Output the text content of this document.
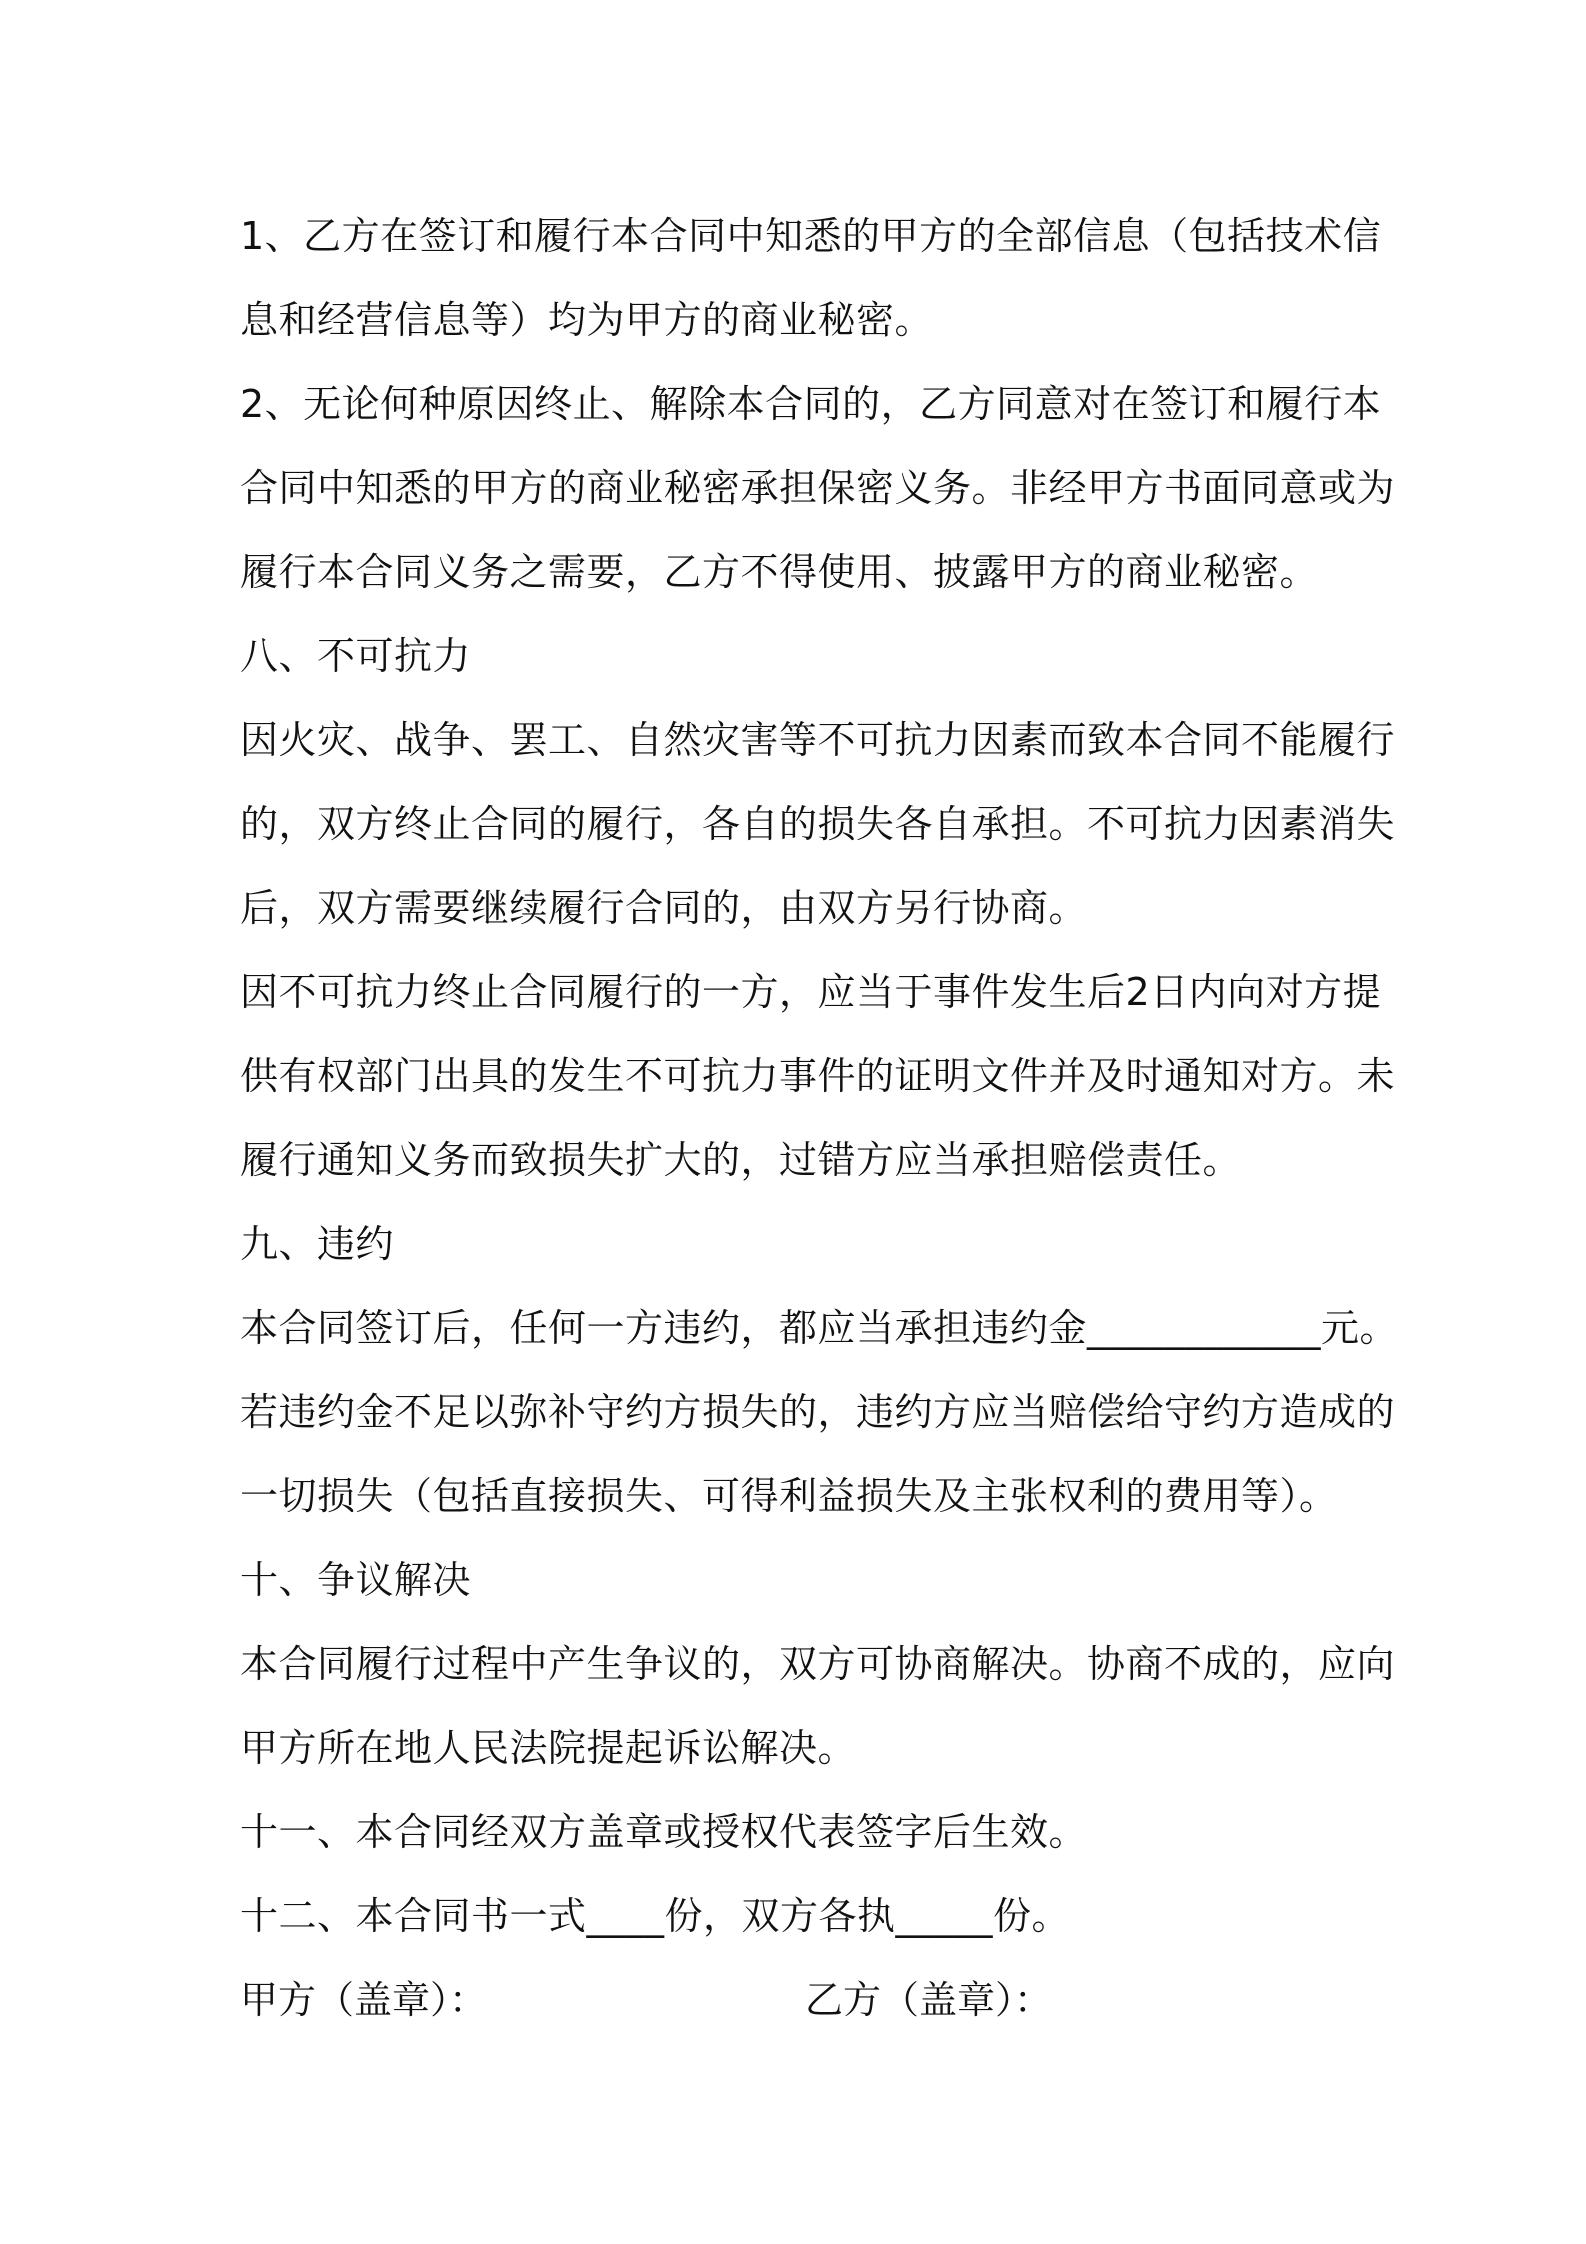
1、乙方在签订和履行本合同中知悉的甲方的全部信息（包括技术信
息和经营信息等）均为甲方的商业秘密。
2、无论何种原因终止、解除本合同的，乙方同意对在签订和履行本
合同中知悉的甲方的商业秘密承担保密义务。非经甲方书面同意或为
履行本合同义务之需要，乙方不得使用、披露甲方的商业秘密。
八、不可抗力
因火灾、战争、罢工、自然灾害等不可抗力因素而致本合同不能履行
的，双方终止合同的履行，各自的损失各自承担。不可抗力因素消失
后，双方需要继续履行合同的，由双方另行协商。
因不可抗力终止合同履行的一方，应当于事件发生后2日内向对方提
供有权部门出具的发生不可抗力事件的证明文件并及时通知对方。未
履行通知义务而致损失扩大的，过错方应当承担赔偿责任。
九、违约
本合同签订后，任何一方违约，都应当承担违约金____________元。
若违约金不足以弥补守约方损失的，违约方应当赔偿给守约方造成的
一切损失（包括直接损失、可得利益损失及主张权利的费用等）。
十、争议解决
本合同履行过程中产生争议的，双方可协商解决。协商不成的，应向
甲方所在地人民法院提起诉讼解决。
十一、本合同经双方盖章或授权代表签字后生效。
十二、本合同书一式____份，双方各执_____份。
甲方（盖章）：	乙方（盖章）：
